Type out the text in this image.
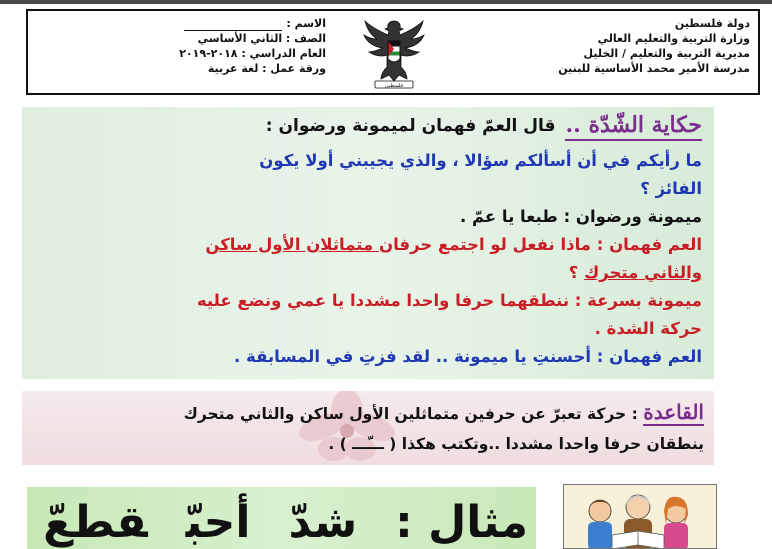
دولة فلسطين
وزارة التربية والتعليم العالي
مديرية التربية والتعليم / الخليل
مدرسة الأمير محمد الأساسية للبنين
فلسطين
الاسم :
الصف : الثاني الأساسي
العام الدراسي : ٢٠١٨-٢٠١٩
ورقة عمل : لغة عربية
حكاية الشّدّة ..
قال العمّ فهمان لميمونة ورضوان :
ما رأيكم في أن أسألكم سؤالا ، والذي يجيبني أولا يكون
الفائز ؟
ميمونة ورضوان : طبعا يا عمّ .
العم فهمان : ماذا نفعل لو اجتمع حرفان متماثلان الأول ساكن
والثاني متحرك ؟
ميمونة بسرعة : ننطقهما حرفا واحدا مشددا يا عمي ونضع عليه
حركة الشدة .
العم فهمان : أحسنتِ يا ميمونة .. لقد فزتِ في المسابقة .
القاعدة : حركة تعبرّ عن حرفين متماثلين الأول ساكن والثاني متحرك
ينطقان حرفا واحدا مشددا ..وتكتب هكذا ( ـــّـــ ) .
مثال :شدأحبقطع
